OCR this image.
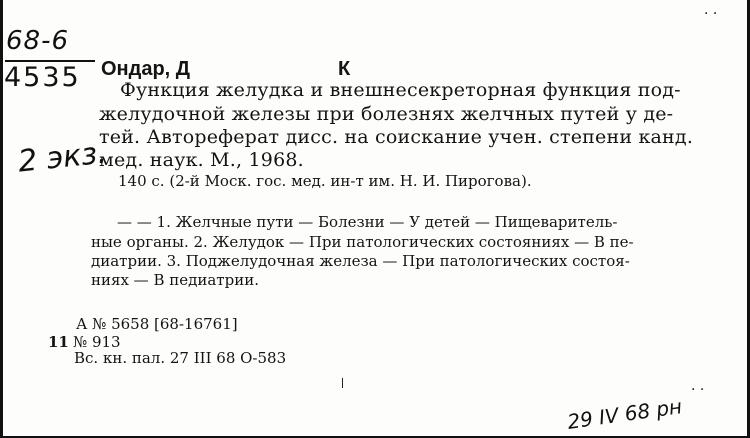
· ·
68-6
4535
2 экз.
· ·
29 IV 68 рн
Ондар, Д	К
Функция желудка и внешнесекреторная функция под-
желудочной железы при болезнях желчных путей у де-
тей. Автореферат дисс. на соискание учен. степени канд.
мед. наук. М., 1968.
140 с. (2-й Моск. гос. мед. ин-т им. Н. И. Пирогова).
— — 1. Желчные пути — Болезни — У детей — Пищеваритель-
ные органы. 2. Желудок — При патологических состояниях — В пе-
диатрии. 3. Поджелудочная железа — При патологических состоя-
ниях — В педиатрии.
А № 5658 [68-16761]
11 № 913
Вс. кн. пал. 27 III 68 О-583
